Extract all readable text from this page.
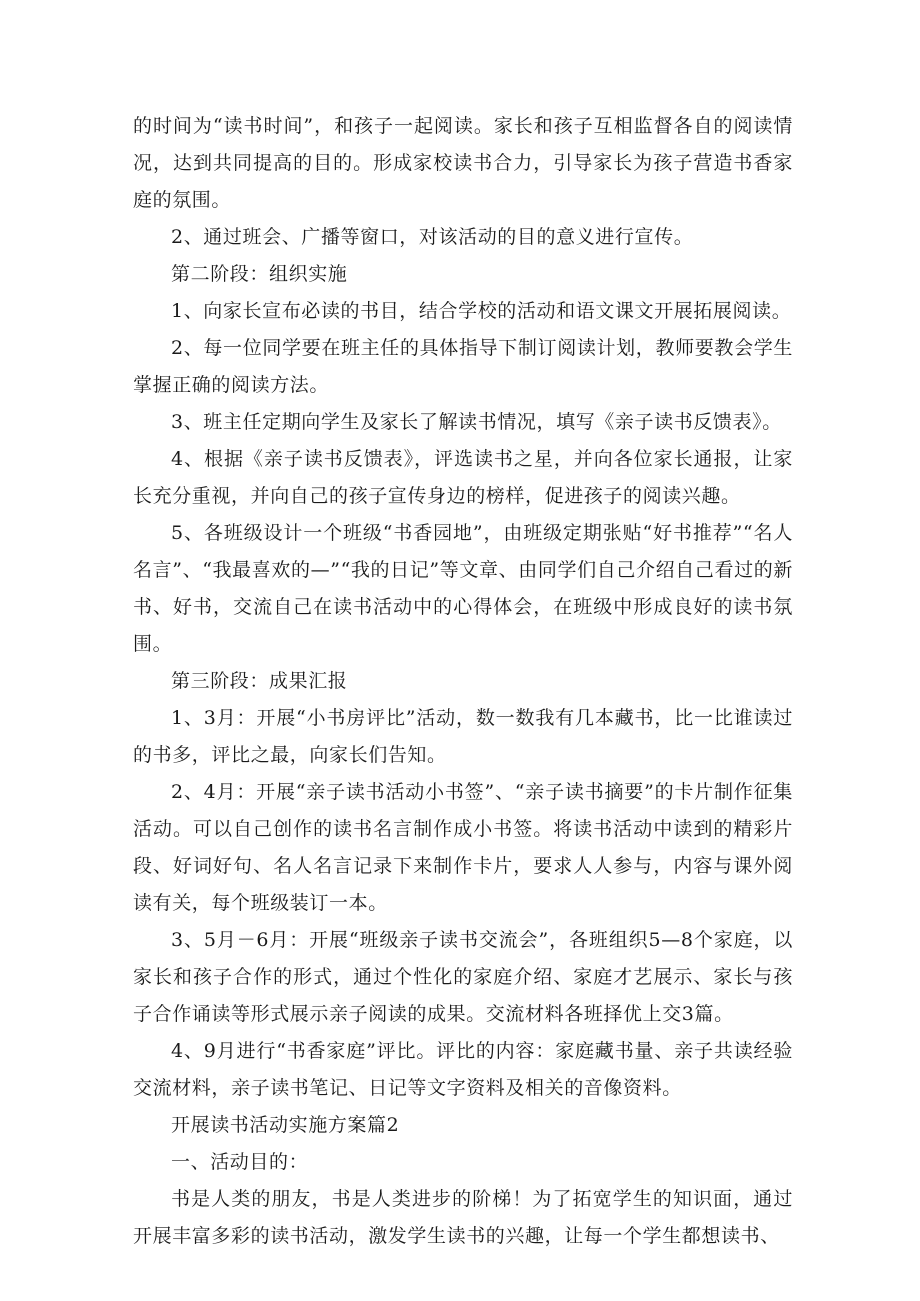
的时间为“读书时间”，和孩子一起阅读。家长和孩子互相监督各自的阅读情况，达到共同提高的目的。形成家校读书合力，引导家长为孩子营造书香家庭的氛围。

2、通过班会、广播等窗口，对该活动的目的意义进行宣传。

第二阶段：组织实施

1、向家长宣布必读的书目，结合学校的活动和语文课文开展拓展阅读。

2、每一位同学要在班主任的具体指导下制订阅读计划，教师要教会学生掌握正确的阅读方法。

3、班主任定期向学生及家长了解读书情况，填写《亲子读书反馈表》。

4、根据《亲子读书反馈表》，评选读书之星，并向各位家长通报，让家长充分重视，并向自己的孩子宣传身边的榜样，促进孩子的阅读兴趣。

5、各班级设计一个班级“书香园地”，由班级定期张贴“好书推荐”“名人名言”、“我最喜欢的—”“我的日记”等文章、由同学们自己介绍自己看过的新书、好书，交流自己在读书活动中的心得体会，在班级中形成良好的读书氛围。

第三阶段：成果汇报

1、3月：开展“小书房评比”活动，数一数我有几本藏书，比一比谁读过的书多，评比之最，向家长们告知。

2、4月：开展“亲子读书活动小书签”、“亲子读书摘要”的卡片制作征集活动。可以自己创作的读书名言制作成小书签。将读书活动中读到的精彩片段、好词好句、名人名言记录下来制作卡片，要求人人参与，内容与课外阅读有关，每个班级装订一本。

3、5月－6月：开展“班级亲子读书交流会”，各班组织5—8个家庭，以家长和孩子合作的形式，通过个性化的家庭介绍、家庭才艺展示、家长与孩子合作诵读等形式展示亲子阅读的成果。交流材料各班择优上交3篇。

4、9月进行“书香家庭”评比。评比的内容：家庭藏书量、亲子共读经验交流材料，亲子读书笔记、日记等文字资料及相关的音像资料。

开展读书活动实施方案篇2

一、活动目的：

书是人类的朋友，书是人类进步的阶梯！为了拓宽学生的知识面，通过开展丰富多彩的读书活动，激发学生读书的兴趣，让每一个学生都想读书、
